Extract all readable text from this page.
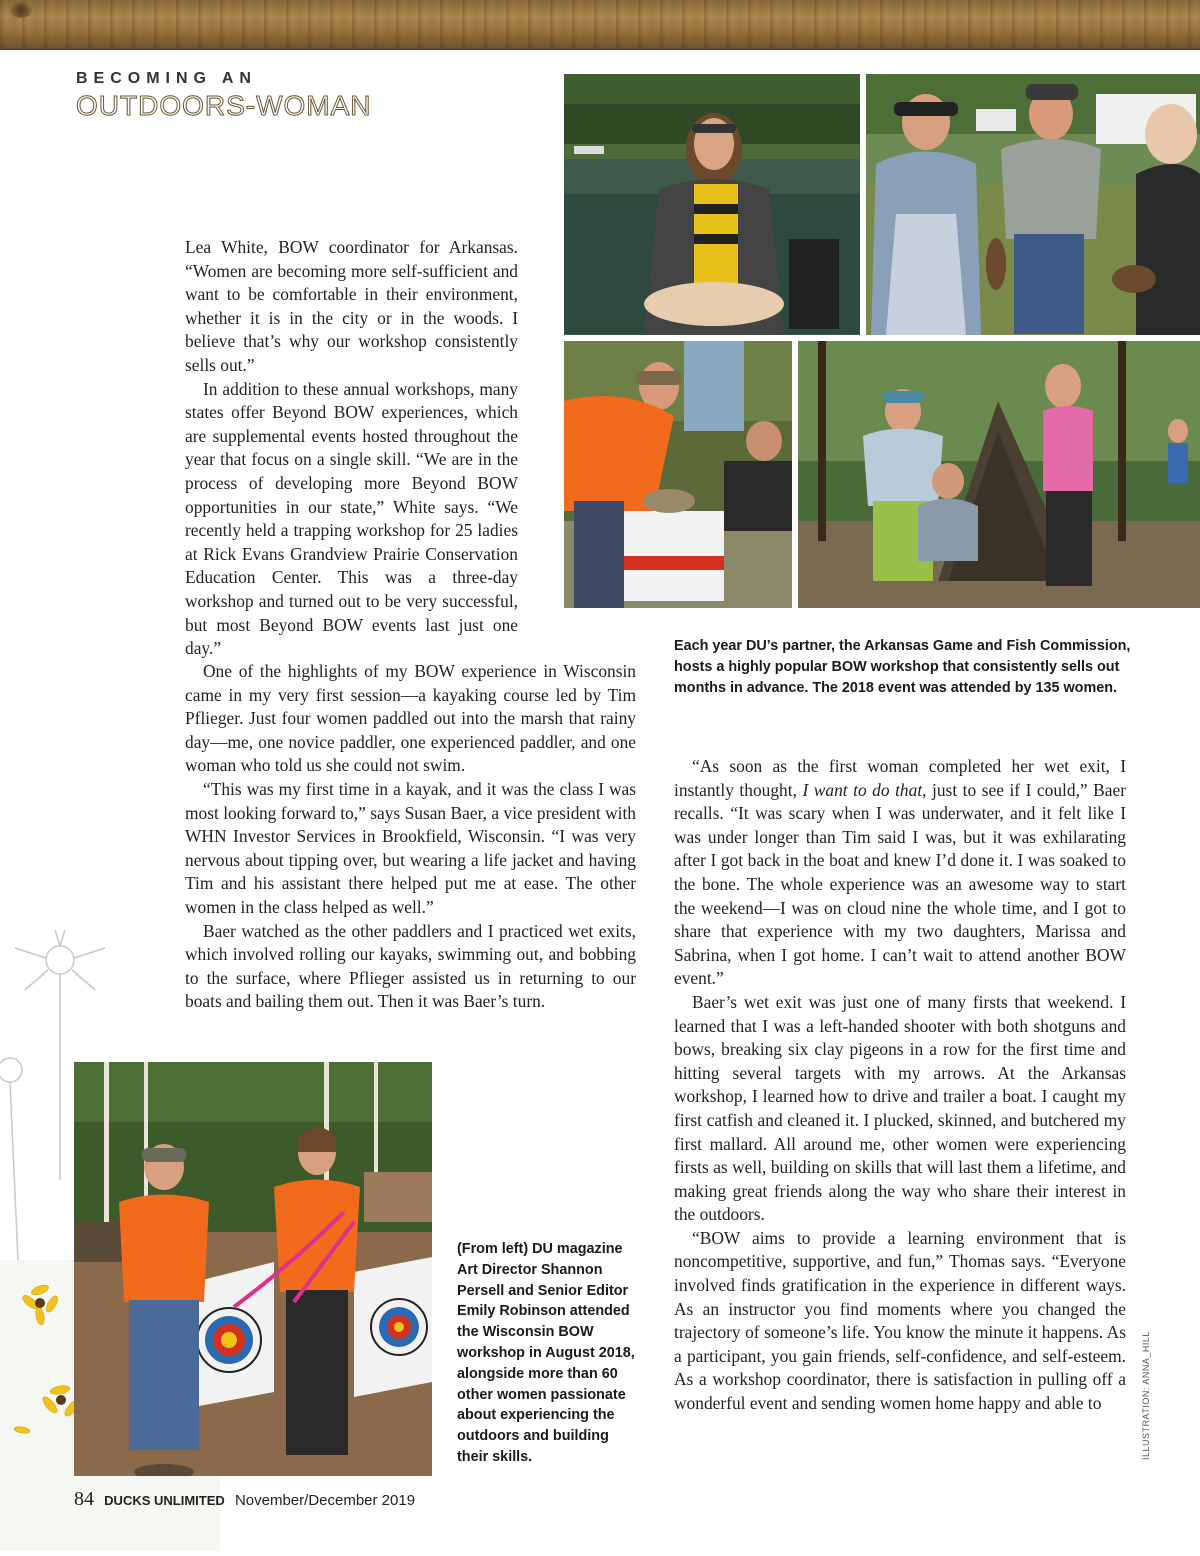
BECOMING AN
OUTDOORS-WOMAN
Each year DU’s partner, the Arkansas Game and Fish Commission, hosts a highly popular BOW workshop that consistently sells out months in advance. The 2018 event was attended by 135 women.

Lea White, BOW coordinator for Arkansas. “Women are becoming more self-sufficient and want to be comfortable in their environment, whether it is in the city or in the woods. I believe that’s why our workshop consistently sells out.”

In addition to these annual workshops, many states offer Beyond BOW experiences, which are supplemental events hosted throughout the year that focus on a single skill. “We are in the process of developing more Beyond BOW opportunities in our state,” White says. “We recently held a trapping workshop for 25 ladies at Rick Evans Grandview Prairie Conservation Education Center. This was a three-day workshop and turned out to be very successful, but most Beyond BOW events last just one day.”

One of the highlights of my BOW experience in Wisconsin came in my very first session—a kayaking course led by Tim Pflieger. Just four women paddled out into the marsh that rainy day—me, one novice paddler, one experienced paddler, and one woman who told us she could not swim.

“This was my first time in a kayak, and it was the class I was most looking forward to,” says Susan Baer, a vice president with WHN Investor Services in Brookfield, Wisconsin. “I was very nervous about tipping over, but wearing a life jacket and having Tim and his assistant there helped put me at ease. The other women in the class helped as well.”

Baer watched as the other paddlers and I practiced wet exits, which involved rolling our kayaks, swimming out, and bobbing to the surface, where Pflieger assisted us in returning to our boats and bailing them out. Then it was Baer’s turn.

“As soon as the first woman completed her wet exit, I instantly thought, I want to do that, just to see if I could,” Baer recalls. “It was scary when I was underwater, and it felt like I was under longer than Tim said I was, but it was exhilarating after I got back in the boat and knew I’d done it. I was soaked to the bone. The whole experience was an awesome way to start the weekend—I was on cloud nine the whole time, and I got to share that experience with my two daughters, Marissa and Sabrina, when I got home. I can’t wait to attend another BOW event.”

Baer’s wet exit was just one of many firsts that weekend. I learned that I was a left-handed shooter with both shotguns and bows, breaking six clay pigeons in a row for the first time and hitting several targets with my arrows. At the Arkansas workshop, I learned how to drive and trailer a boat. I caught my first catfish and cleaned it. I plucked, skinned, and butchered my first mallard. All around me, other women were experiencing firsts as well, building on skills that will last them a lifetime, and making great friends along the way who share their interest in the outdoors.

“BOW aims to provide a learning environment that is noncompetitive, supportive, and fun,” Thomas says. “Everyone involved finds gratification in the experience in different ways. As an instructor you find moments where you changed the trajectory of someone’s life. You know the minute it happens. As a participant, you gain friends, self-confidence, and self-esteem. As a workshop coordinator, there is satisfaction in pulling off a wonderful event and sending women home happy and able to

(From left) DU magazine Art Director Shannon Persell and Senior Editor Emily Robinson attended the Wisconsin BOW workshop in August 2018, alongside more than 60 other women passionate about experiencing the outdoors and building their skills.	ILLUSTRATION: ANNA_HILL
84 DUCKS UNLIMITED November/December 2019
